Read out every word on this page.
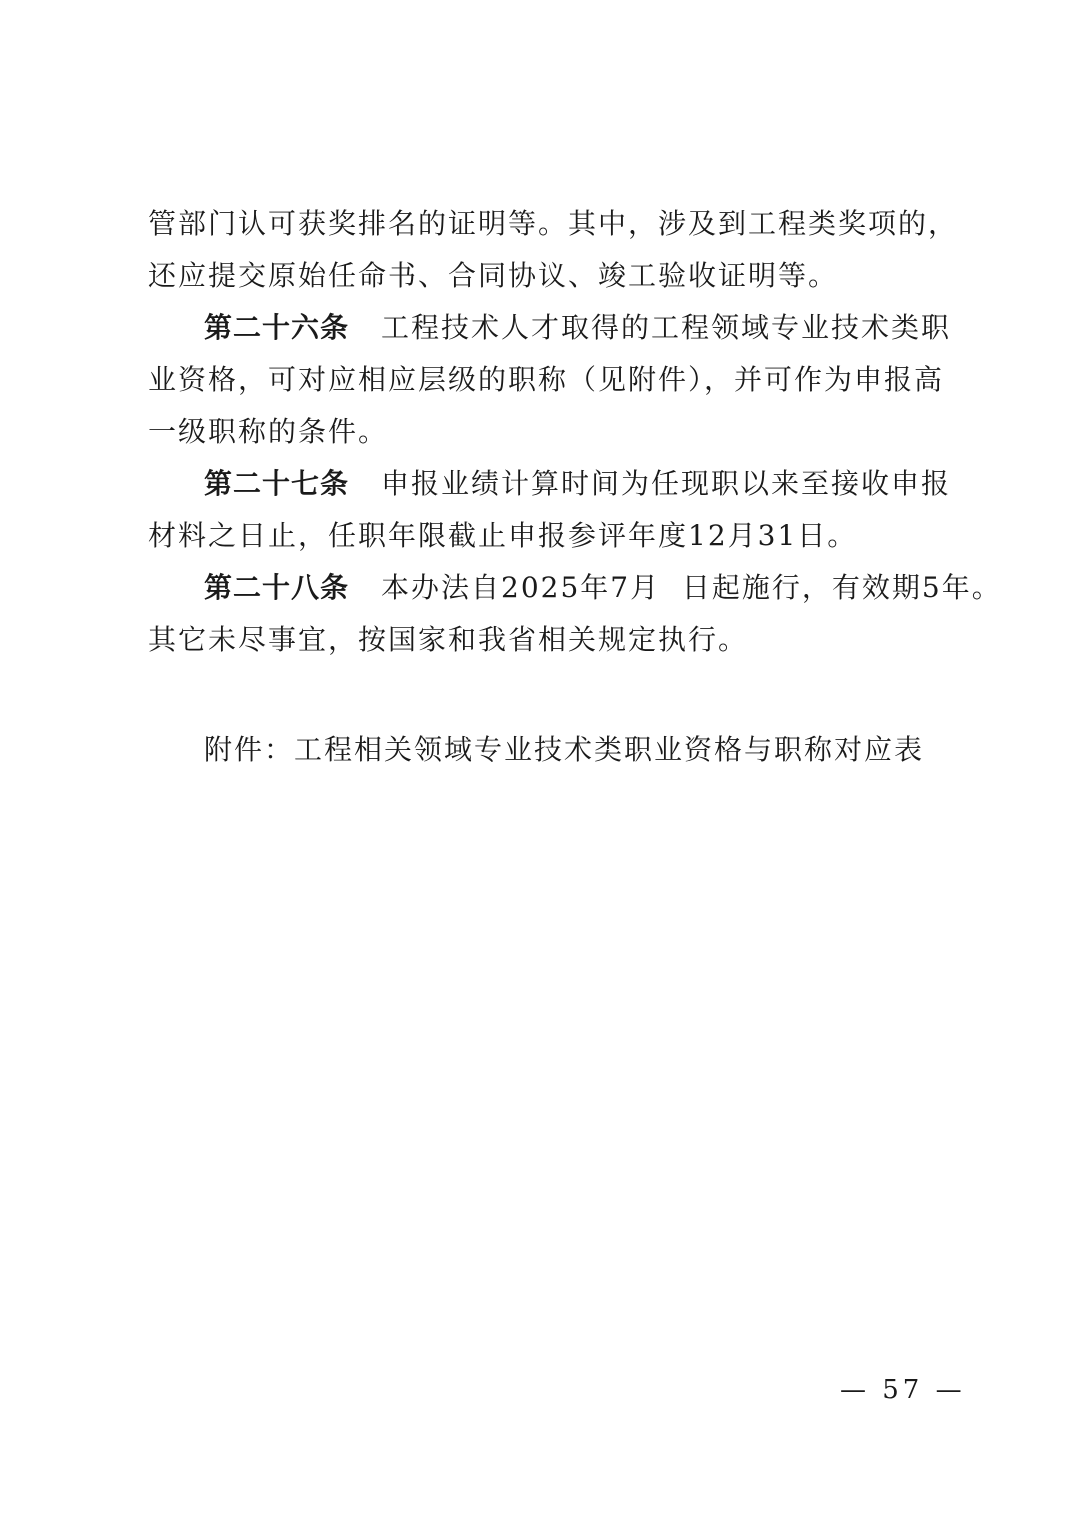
管部门认可获奖排名的证明等。其中，涉及到工程类奖项的，
还应提交原始任命书、合同协议、竣工验收证明等。
第二十六条 工程技术人才取得的工程领域专业技术类职
业资格，可对应相应层级的职称（见附件），并可作为申报高
一级职称的条件。
第二十七条 申报业绩计算时间为任现职以来至接收申报
材料之日止，任职年限截止申报参评年度12月31日。
第二十八条 本办法自2025年7月  日起施行，有效期5年。
其它未尽事宜，按国家和我省相关规定执行。
附件：工程相关领域专业技术类职业资格与职称对应表
— 57 —
